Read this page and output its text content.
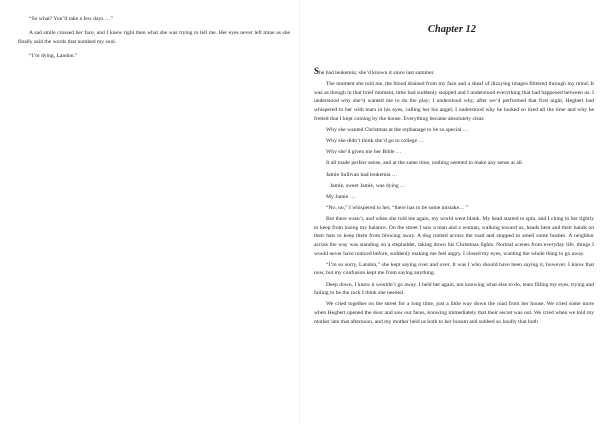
“So what? You’ll take a few days …”

A sad smile crossed her face, and I knew right then what she was trying to tell me. Her eyes never left mine as she finally said the words that numbed my soul.

“I’m dying, Landon.”

Chapter 12

She had leukemia; she’d known it since last summer.

The moment she told me, the blood drained from my face and a sheaf of dizzying images flittered through my mind. It was as though in that brief moment, time had suddenly stopped and I understood everything that had happened between us. I understood why she’d wanted me to do the play; I understood why, after we’d performed that first night, Hegbert had whispered to her with tears in his eyes, calling her his angel; I understood why he looked so tired all the time and why he fretted that I kept coming by the house. Everything became absolutely clear.

Why she wanted Christmas at the orphanage to be so special …

Why she didn’t think she’d go to college …

Why she’d given me her Bible …

It all made perfect sense, and at the same time, nothing seemed to make any sense at all.

Jamie Sullivan had leukemia …

Jamie, sweet Jamie, was dying …

My Jamie …

“No, no,” I whispered to her, “there has to be some mistake… ”

But there wasn’t, and when she told me again, my world went blank. My head started to spin, and I clung to her tightly to keep from losing my balance. On the street I saw a man and a woman, walking toward us, heads bent and their hands on their hats to keep them from blowing away. A dog trotted across the road and stopped to smell some bushes. A neighbor across the way was standing on a stepladder, taking down his Christmas lights. Normal scenes from everyday life, things I would never have noticed before, suddenly making me feel angry. I closed my eyes, wanting the whole thing to go away.

“I’m so sorry, Landon,” she kept saying over and over. It was I who should have been saying it, however. I know that now, but my confusion kept me from saying anything.

Deep down, I knew it wouldn’t go away. I held her again, not knowing what else to do, tears filling my eyes, trying and failing to be the rock I think she needed.

We cried together on the street for a long time, just a little way down the road from her house. We cried some more when Hegbert opened the door and saw our faces, knowing immediately that their secret was out. We cried when we told my mother late that afternoon, and my mother held us both to her bosom and sobbed so loudly that both
